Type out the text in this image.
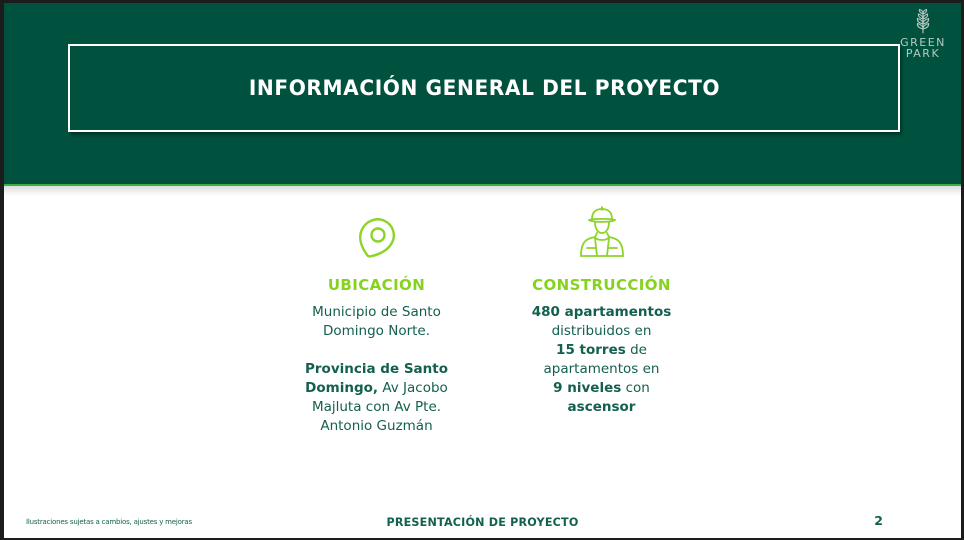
INFORMACIÓN GENERAL DEL PROYECTO
GREEN
PARK
UBICACIÓN
Municipio de Santo
Domingo Norte.

Provincia de Santo
Domingo, Av Jacobo
Majluta con Av Pte.
Antonio Guzmán
CONSTRUCCIÓN
480 apartamentos
distribuidos en
15 torres de
apartamentos en
9 niveles con
ascensor
Ilustraciones sujetas a cambios, ajustes y mejoras	PRESENTACIÓN DE PROYECTO	2
